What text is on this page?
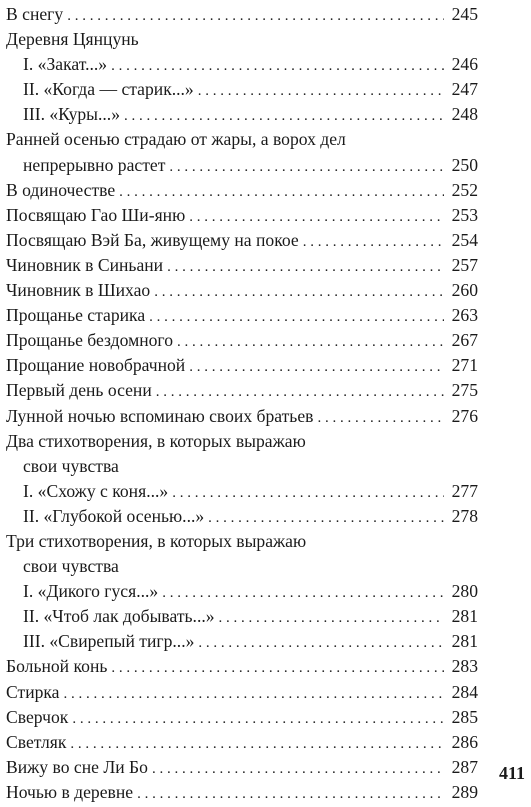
В снегу . . .	245
Деревня Цянцунь
I. «Закат...» . . .	246
II. «Когда — старик...» . . .	247
III. «Куры...» . . .	248
Ранней осенью страдаю от жары, а ворох дел
непрерывно растет . . .	250
В одиночестве . . .	252
Посвящаю Гао Ши-яню . . .	253
Посвящаю Вэй Ба, живущему на покое . . .	254
Чиновник в Синьани . . .	257
Чиновник в Шихао . . .	260
Прощанье старика . . .	263
Прощанье бездомного . . .	267
Прощание новобрачной . . .	271
Первый день осени . . .	275
Лунной ночью вспоминаю своих братьев . . .	276
Два стихотворения, в которых выражаю
свои чувства
I. «Схожу с коня...» . . .	277
II. «Глубокой осенью...» . . .	278
Три стихотворения, в которых выражаю
свои чувства
I. «Дикого гуся...» . . .	280
II. «Чтоб лак добывать...» . . .	281
III. «Свирепый тигр...» . . .	281
Больной конь . . .	283
Стирка . . .	284
Сверчок . . .	285
Светляк . . .	286
Вижу во сне Ли Бо . . .	287
Ночью в деревне . . .	289
411
